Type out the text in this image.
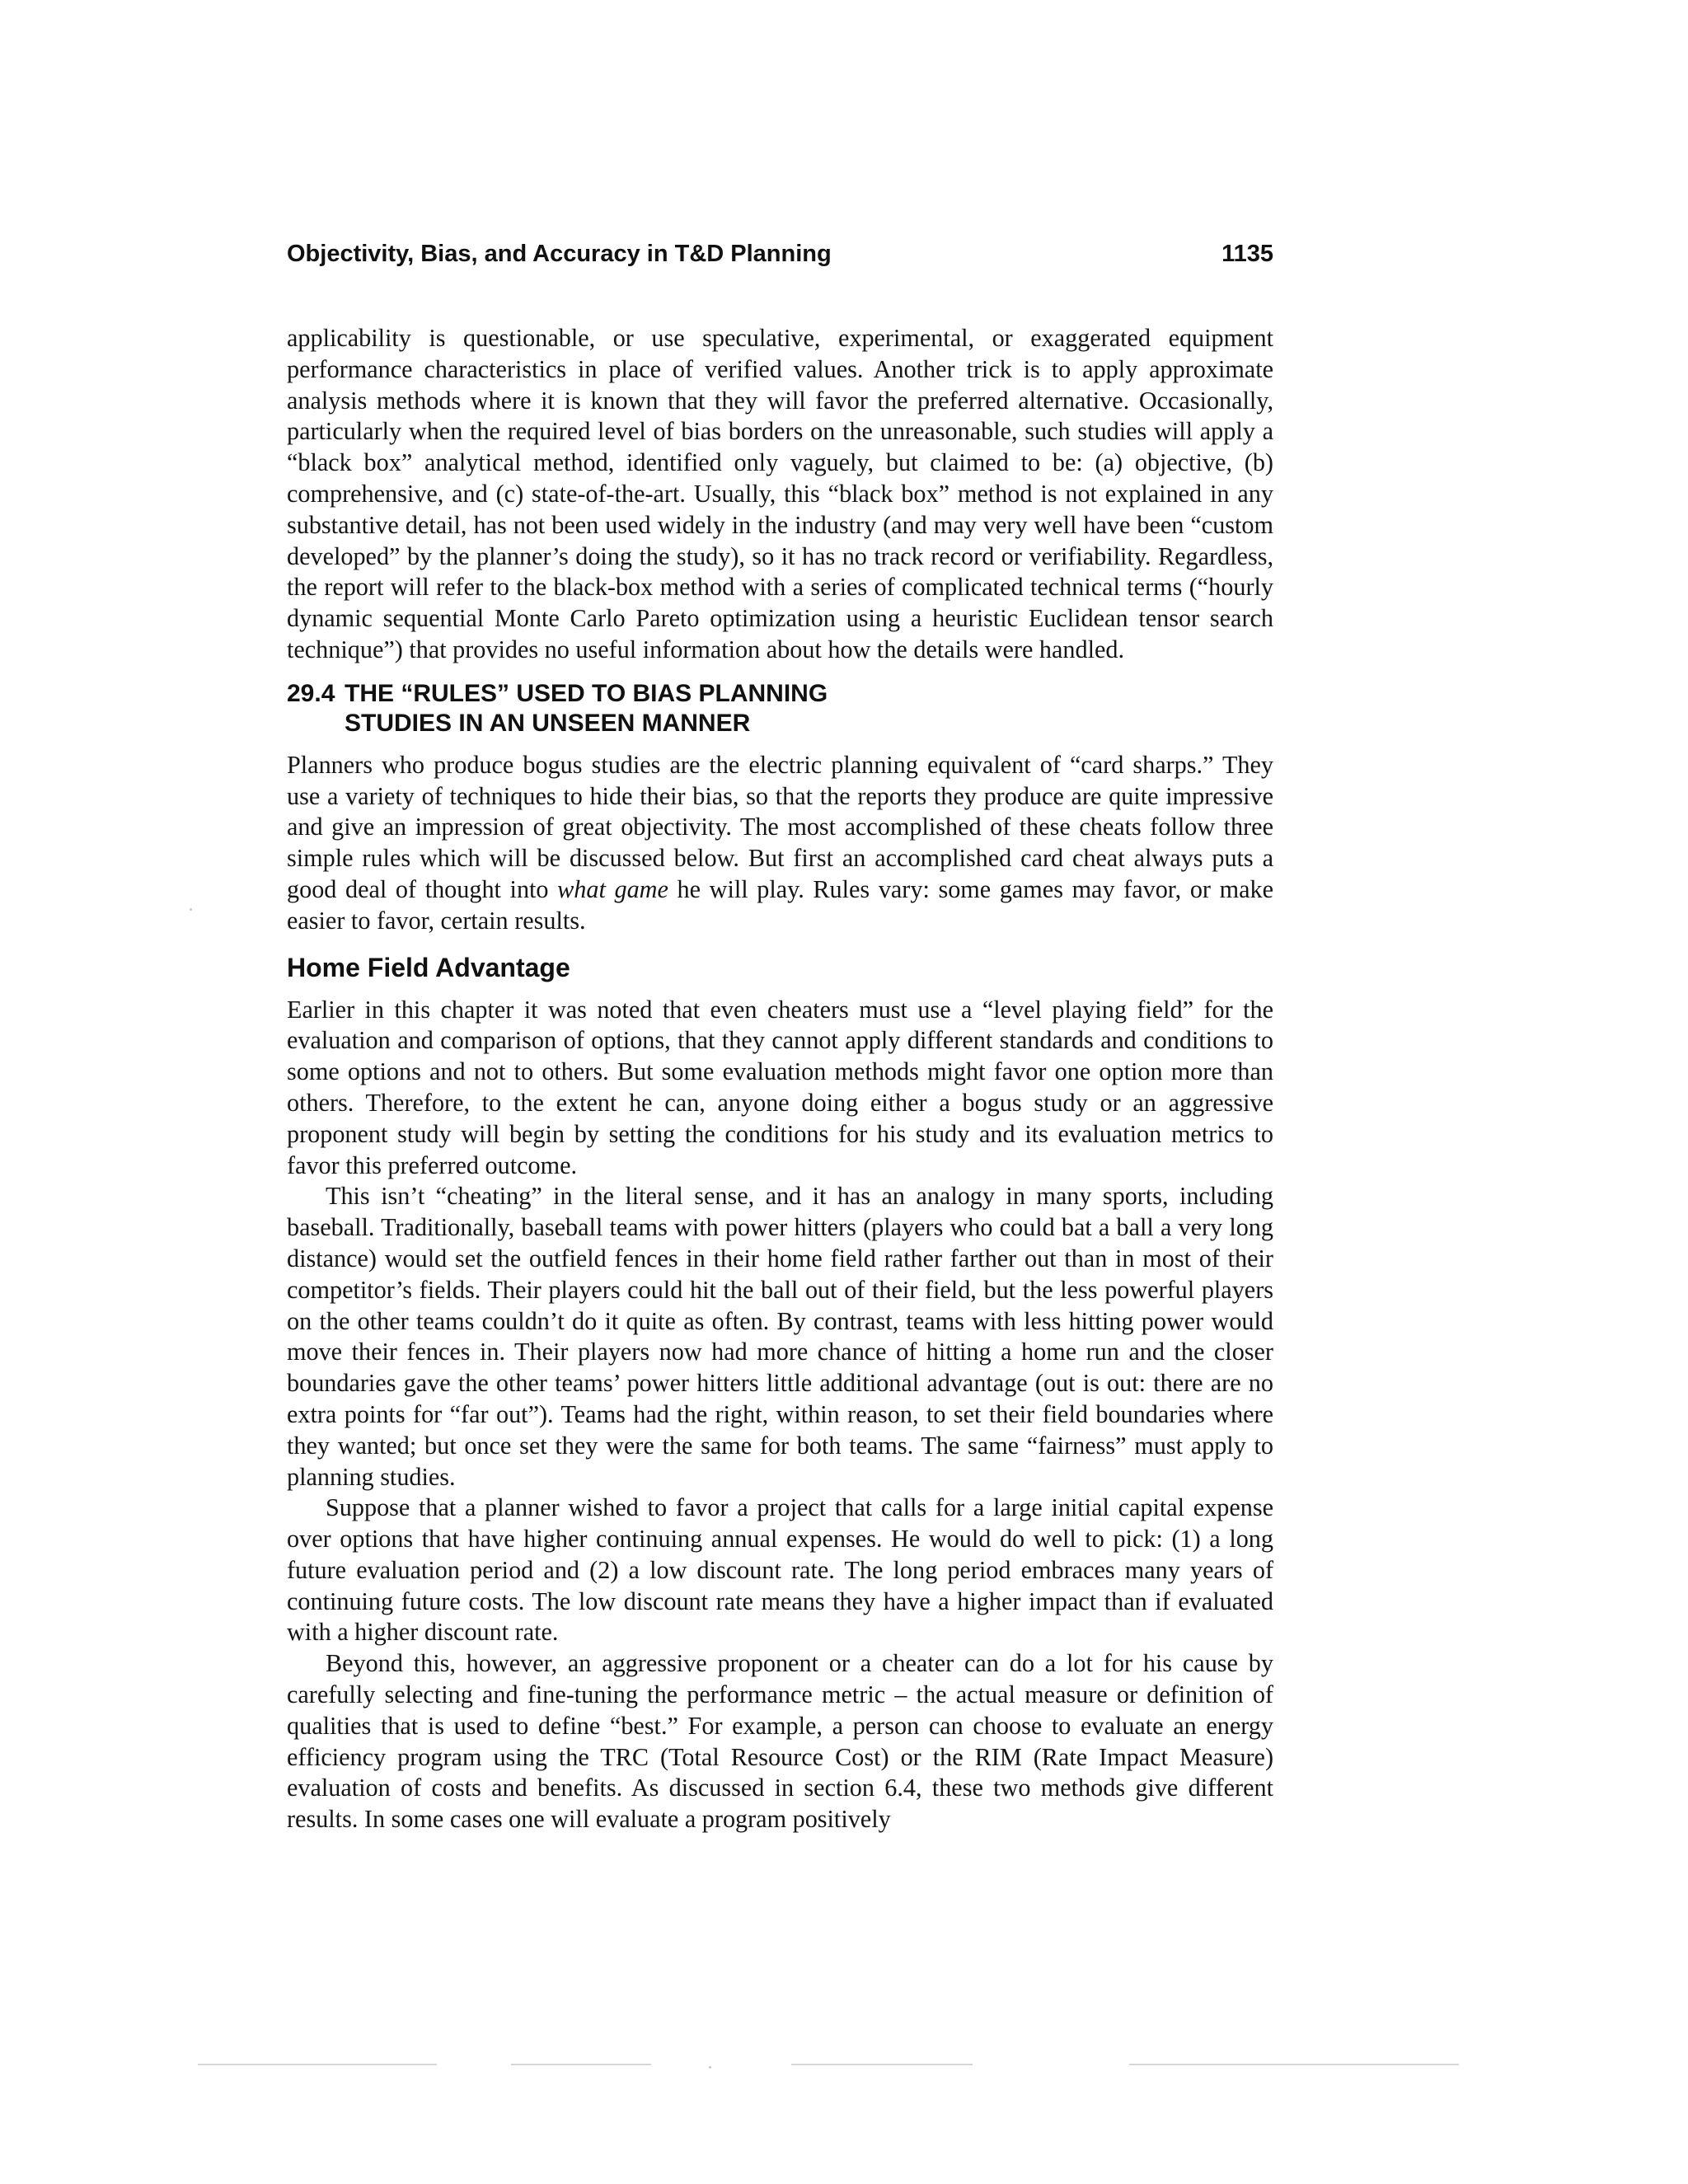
Objectivity, Bias, and Accuracy in T&D Planning	1135

applicability is questionable, or use speculative, experimental, or exaggerated equipment performance characteristics in place of verified values. Another trick is to apply approximate analysis methods where it is known that they will favor the preferred alternative. Occasionally, particularly when the required level of bias borders on the unreasonable, such studies will apply a “black box” analytical method, identified only vaguely, but claimed to be: (a) objective, (b) comprehensive, and (c) state-of-the-art. Usually, this “black box” method is not explained in any substantive detail, has not been used widely in the industry (and may very well have been “custom developed” by the planner’s doing the study), so it has no track record or verifiability. Regardless, the report will refer to the black-box method with a series of complicated technical terms (“hourly dynamic sequential Monte Carlo Pareto optimization using a heuristic Euclidean tensor search technique”) that provides no useful information about how the details were handled.

29.4 THE “RULES” USED TO BIAS PLANNING
STUDIES IN AN UNSEEN MANNER

Planners who produce bogus studies are the electric planning equivalent of “card sharps.” They use a variety of techniques to hide their bias, so that the reports they produce are quite impressive and give an impression of great objectivity. The most accomplished of these cheats follow three simple rules which will be discussed below. But first an accomplished card cheat always puts a good deal of thought into what game he will play. Rules vary: some games may favor, or make easier to favor, certain results.

Home Field Advantage

Earlier in this chapter it was noted that even cheaters must use a “level playing field” for the evaluation and comparison of options, that they cannot apply different standards and conditions to some options and not to others. But some evaluation methods might favor one option more than others. Therefore, to the extent he can, anyone doing either a bogus study or an aggressive proponent study will begin by setting the conditions for his study and its evaluation metrics to favor this preferred outcome.

This isn’t “cheating” in the literal sense, and it has an analogy in many sports, including baseball. Traditionally, baseball teams with power hitters (players who could bat a ball a very long distance) would set the outfield fences in their home field rather farther out than in most of their competitor’s fields. Their players could hit the ball out of their field, but the less powerful players on the other teams couldn’t do it quite as often. By contrast, teams with less hitting power would move their fences in. Their players now had more chance of hitting a home run and the closer boundaries gave the other teams’ power hitters little additional advantage (out is out: there are no extra points for “far out”). Teams had the right, within reason, to set their field boundaries where they wanted; but once set they were the same for both teams. The same “fairness” must apply to planning studies.

Suppose that a planner wished to favor a project that calls for a large initial capital expense over options that have higher continuing annual expenses. He would do well to pick: (1) a long future evaluation period and (2) a low discount rate. The long period embraces many years of continuing future costs. The low discount rate means they have a higher impact than if evaluated with a higher discount rate.

Beyond this, however, an aggressive proponent or a cheater can do a lot for his cause by carefully selecting and fine-tuning the performance metric – the actual measure or definition of qualities that is used to define “best.” For example, a person can choose to evaluate an energy efficiency program using the TRC (Total Resource Cost) or the RIM (Rate Impact Measure) evaluation of costs and benefits. As discussed in section 6.4, these two methods give different results. In some cases one will evaluate a program positively
